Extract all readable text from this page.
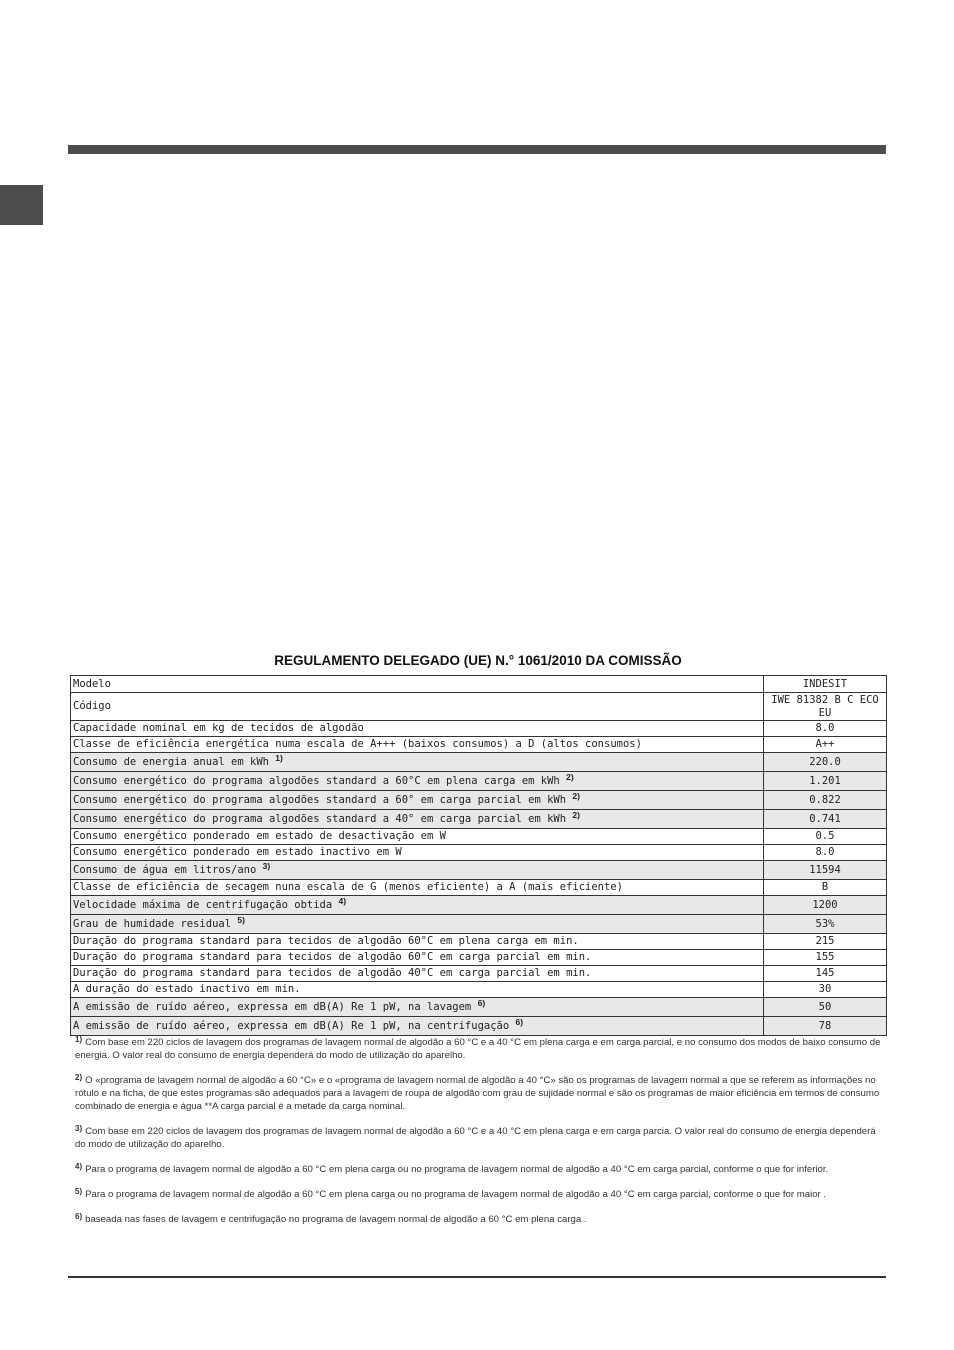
REGULAMENTO DELEGADO (UE) N.° 1061/2010 DA COMISSÃO
Modelo	INDESIT
Código	IWE 81382 B C ECO EU
Capacidade nominal em kg de tecidos de algodão	8.0
Classe de eficiência energética numa escala de A+++ (baixos consumos) a D (altos consumos)	A++
Consumo de energia anual em kWh $^{1)}$	220.0
Consumo energético do programa algodões standard a 60°C em plena carga em kWh $^{2)}$	1.201
Consumo energético do programa algodões standard a 60° em carga parcial em kWh $^{2)}$	0.822
Consumo energético do programa algodões standard a 40° em carga parcial em kWh $^{2)}$	0.741
Consumo energético ponderado em estado de desactivação em W	0.5
Consumo energético ponderado em estado inactivo em W	8.0
Consumo de água em litros/ano $^{3)}$	11594
Classe de eficiência de secagem nuna escala de G (menos eficiente) a A (mais eficiente)	B
Velocidade máxima de centrifugação obtida $^{4)}$	1200
Grau de humidade residual $^{5)}$	53%
Duração do programa standard para tecidos de algodão 60°C em plena carga em min.	215
Duração do programa standard para tecidos de algodão 60°C em carga parcial em min.	155
Duração do programa standard para tecidos de algodão 40°C em carga parcial em min.	145
A duração do estado inactivo em min.	30
A emissão de ruído aéreo, expressa em dB(A) Re 1 pW, na lavagem $^{6)}$	50
A emissão de ruído aéreo, expressa em dB(A) Re 1 pW, na centrifugação $^{6)}$	78
$^{1)}$ Com base em 220 ciclos de lavagem dos programas de lavagem normal de algodão a 60 °C e a 40 °C em plena carga e em carga parcial, e no consumo dos modos de baixo consumo de energia. O valor real do consumo de energia dependerá do modo de utilização do aparelho.
$^{2)}$ O «programa de lavagem normal de algodão a 60 °C» e o «programa de lavagem normal de algodão a 40 °C» são os programas de lavagem normal a que se referem as informações no rótulo e na ficha, de que estes programas são adequados para a lavagem de roupa de algodão com grau de sujidade normal e são os programas de maior eficiência em termos de consumo combinado de energia e água **A carga parcial é a metade da carga nominal.
$^{3)}$ Com base em 220 ciclos de lavagem dos programas de lavagem normal de algodão a 60 °C e a 40 °C em plena carga e em carga parcia. O valor real do consumo de energia dependerá do modo de utilização do aparelho.
$^{4)}$ Para o programa de lavagem normal de algodão a 60 °C em plena carga ou no programa de lavagem normal de algodão a 40 °C em carga parcial, conforme o que for inferior.
$^{5)}$ Para o programa de lavagem normal de algodão a 60 °C em plena carga ou no programa de lavagem normal de algodão a 40 °C em carga parcial, conforme o que for maior .
$^{6)}$ baseada nas fases de lavagem e centrifugação no programa de lavagem normal de algodão a 60 °C em plena carga .
